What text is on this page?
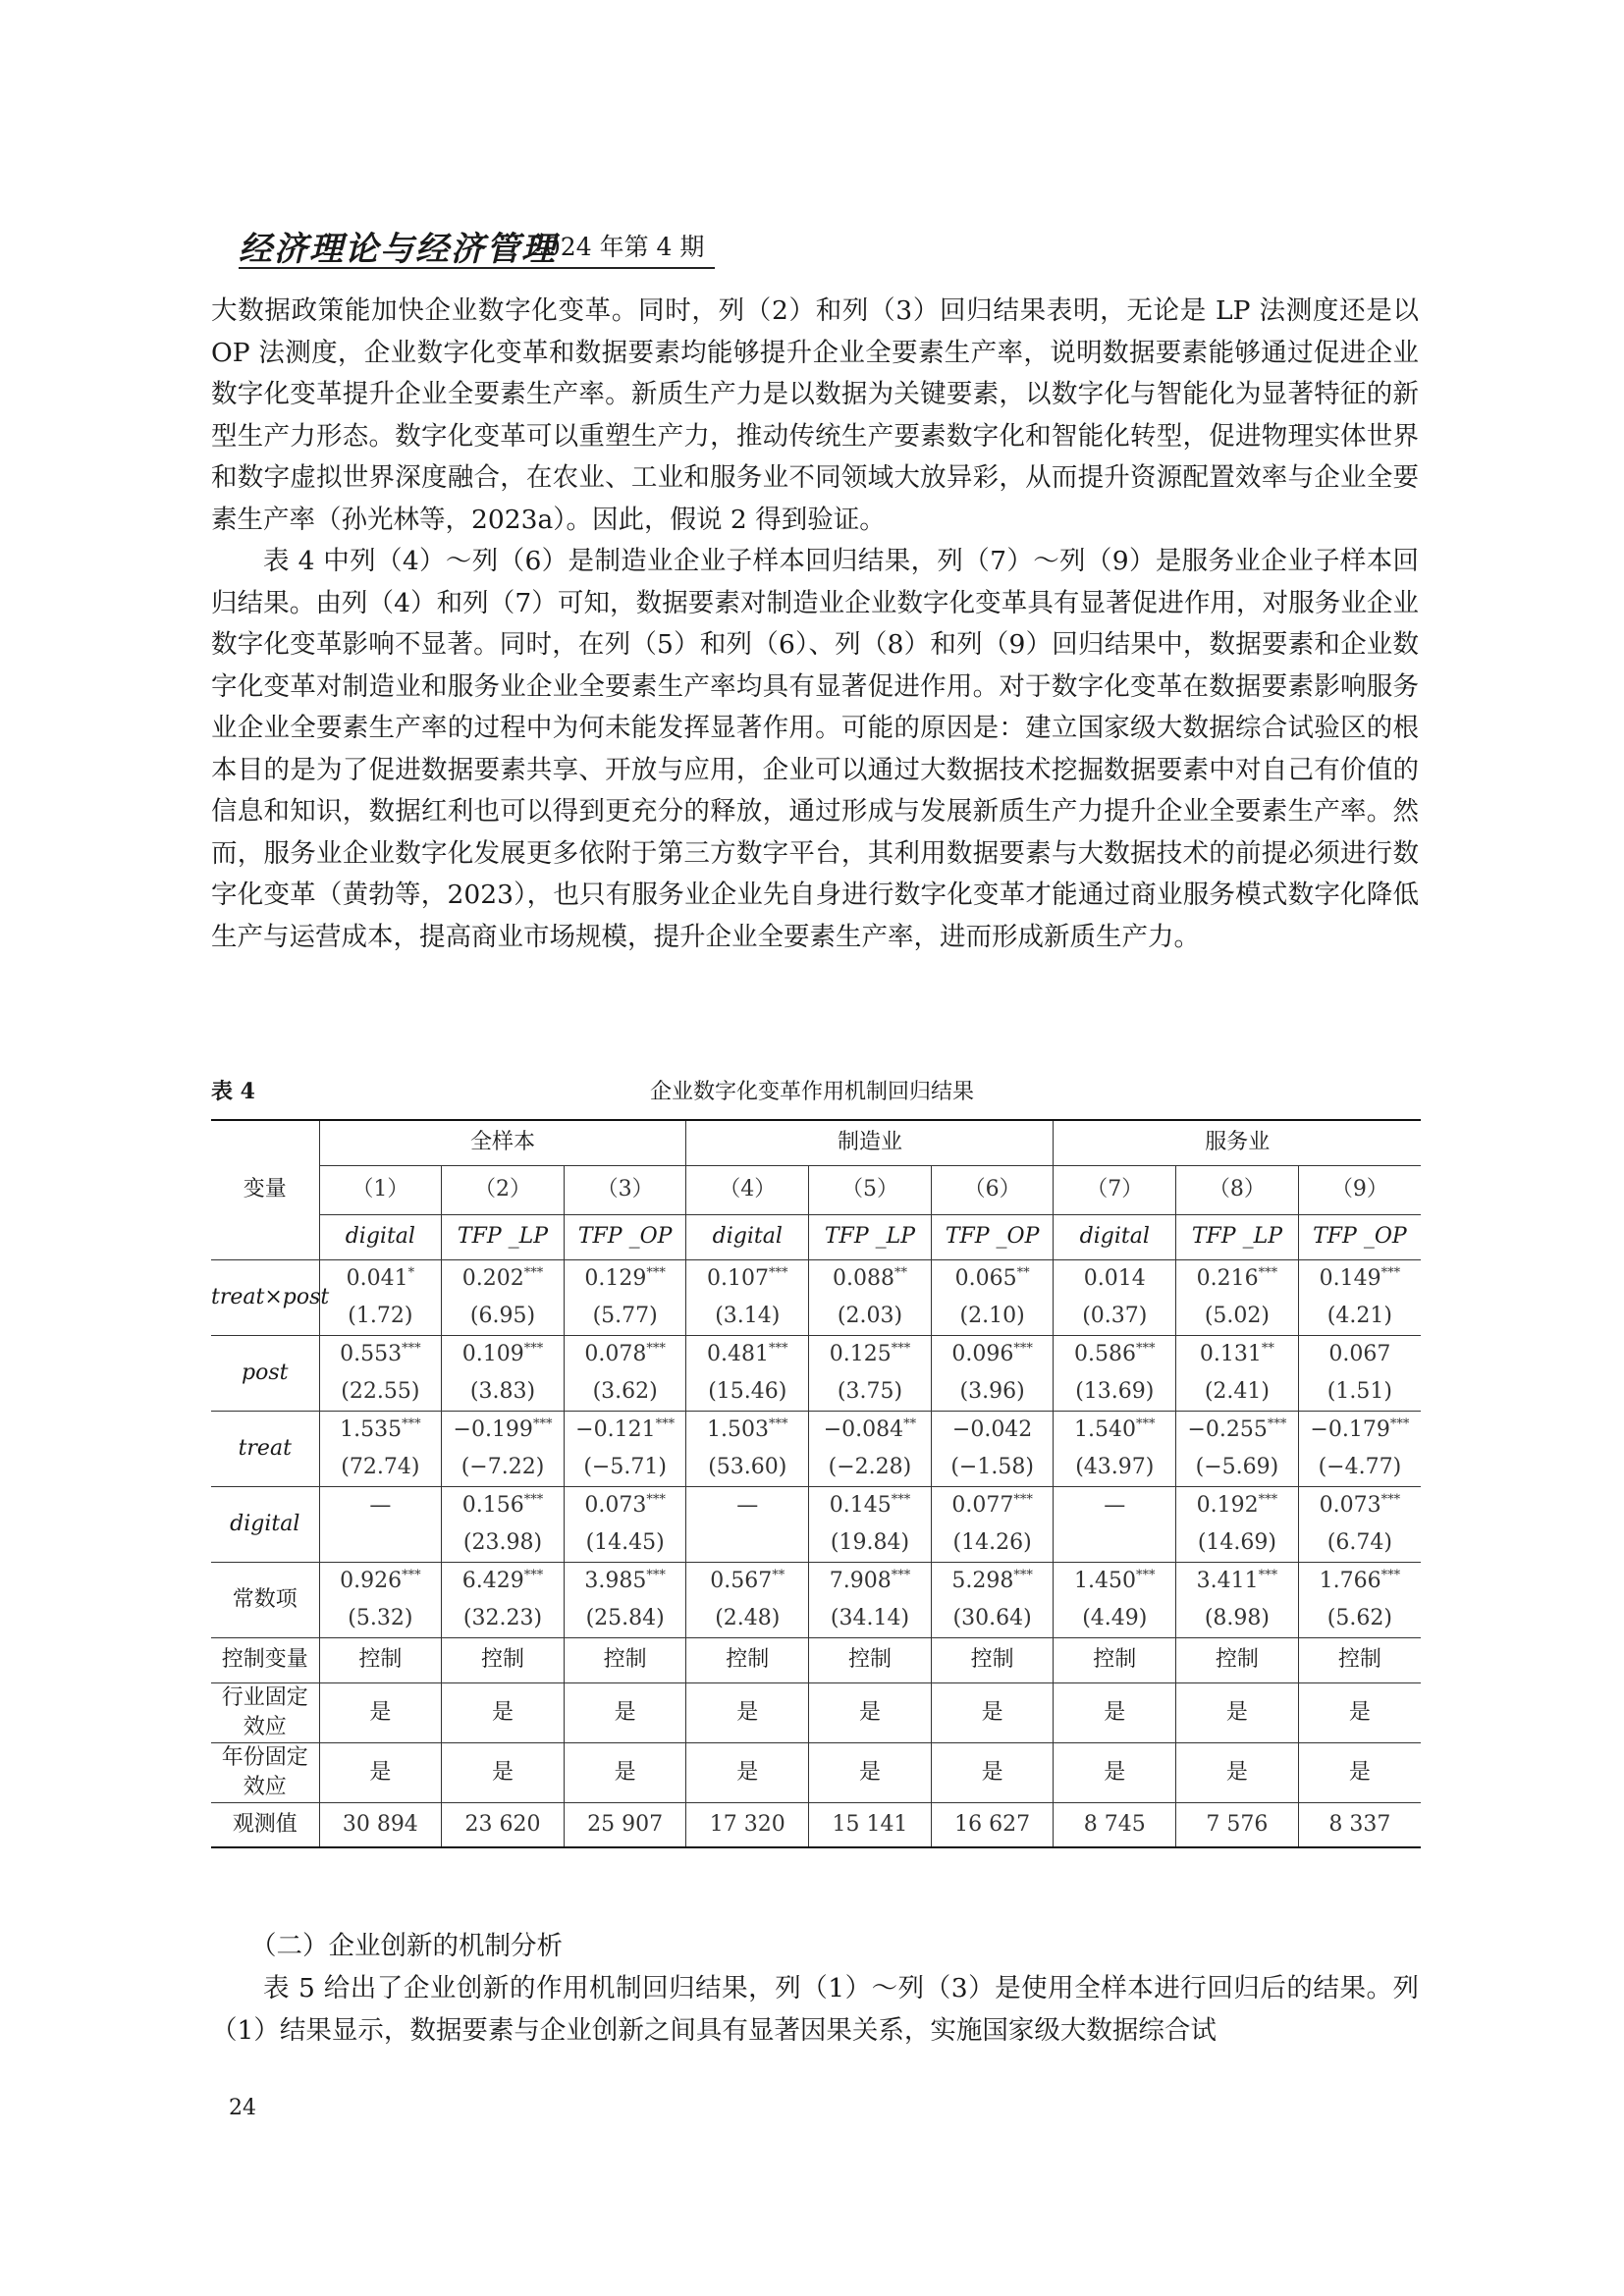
经济理论与经济管理
2024 年第 4 期

大数据政策能加快企业数字化变革。同时，列（2）和列（3）回归结果表明，无论是 LP 法测度还是以 OP 法测度，企业数字化变革和数据要素均能够提升企业全要素生产率，说明数据要素能够通过促进企业数字化变革提升企业全要素生产率。新质生产力是以数据为关键要素，以数字化与智能化为显著特征的新型生产力形态。数字化变革可以重塑生产力，推动传统生产要素数字化和智能化转型，促进物理实体世界和数字虚拟世界深度融合，在农业、工业和服务业不同领域大放异彩，从而提升资源配置效率与企业全要素生产率（孙光林等，2023a）。因此，假说 2 得到验证。

表 4 中列（4）～列（6）是制造业企业子样本回归结果，列（7）～列（9）是服务业企业子样本回归结果。由列（4）和列（7）可知，数据要素对制造业企业数字化变革具有显著促进作用，对服务业企业数字化变革影响不显著。同时，在列（5）和列（6）、列（8）和列（9）回归结果中，数据要素和企业数字化变革对制造业和服务业企业全要素生产率均具有显著促进作用。对于数字化变革在数据要素影响服务业企业全要素生产率的过程中为何未能发挥显著作用。可能的原因是：建立国家级大数据综合试验区的根本目的是为了促进数据要素共享、开放与应用，企业可以通过大数据技术挖掘数据要素中对自己有价值的信息和知识，数据红利也可以得到更充分的释放，通过形成与发展新质生产力提升企业全要素生产率。然而，服务业企业数字化发展更多依附于第三方数字平台，其利用数据要素与大数据技术的前提必须进行数字化变革（黄勃等，2023），也只有服务业企业先自身进行数字化变革才能通过商业服务模式数字化降低生产与运营成本，提高商业市场规模，提升企业全要素生产率，进而形成新质生产力。

表 4	企业数字化变革作用机制回归结果
变量	全样本			制造业			服务业		
	（1）	（2）	（3）	（4）	（5）	（6）	（7）	（8）	（9）
	digital	TFP _LP	TFP _OP	digital	TFP _LP	TFP _OP	digital	TFP _LP	TFP _OP
treat×post	0.041*	0.202***	0.129***	0.107***	0.088**	0.065**	0.014	0.216***	0.149***
	(1.72)	(6.95)	(5.77)	(3.14)	(2.03)	(2.10)	(0.37)	(5.02)	(4.21)
post	0.553***	0.109***	0.078***	0.481***	0.125***	0.096***	0.586***	0.131**	0.067
	(22.55)	(3.83)	(3.62)	(15.46)	(3.75)	(3.96)	(13.69)	(2.41)	(1.51)
treat	1.535***	−0.199***	−0.121***	1.503***	−0.084**	−0.042	1.540***	−0.255***	−0.179***
	(72.74)	(−7.22)	(−5.71)	(53.60)	(−2.28)	(−1.58)	(43.97)	(−5.69)	(−4.77)
digital	—	0.156***	0.073***	—	0.145***	0.077***	—	0.192***	0.073***
		(23.98)	(14.45)		(19.84)	(14.26)		(14.69)	(6.74)
常数项	0.926***	6.429***	3.985***	0.567**	7.908***	5.298***	1.450***	3.411***	1.766***
	(5.32)	(32.23)	(25.84)	(2.48)	(34.14)	(30.64)	(4.49)	(8.98)	(5.62)
控制变量	控制	控制	控制	控制	控制	控制	控制	控制	控制
行业固定效应	是	是	是	是	是	是	是	是	是
年份固定效应	是	是	是	是	是	是	是	是	是
观测值	30 894	23 620	25 907	17 320	15 141	16 627	8 745	7 576	8 337
（二）企业创新的机制分析

表 5 给出了企业创新的作用机制回归结果，列（1）～列（3）是使用全样本进行回归后的结果。列（1）结果显示，数据要素与企业创新之间具有显著因果关系，实施国家级大数据综合试

24
